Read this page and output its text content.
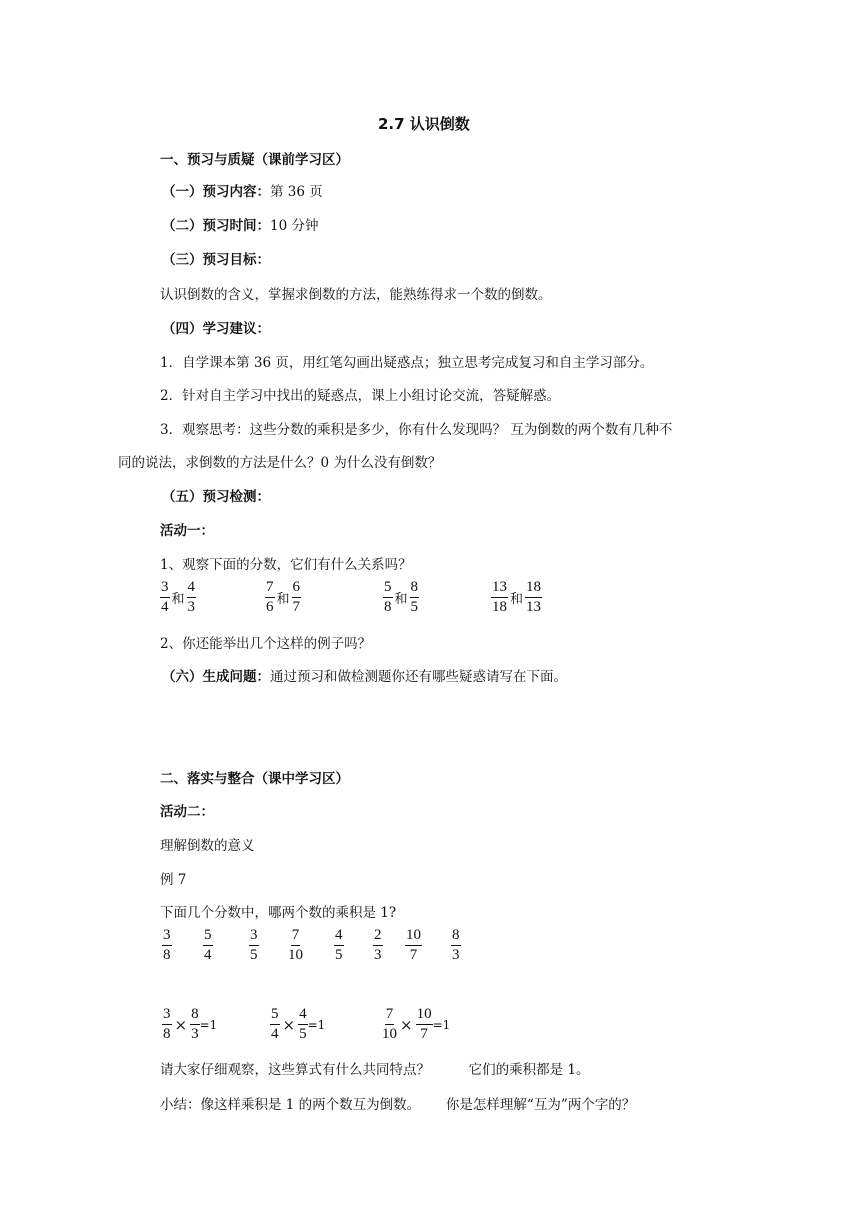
2.7 认识倒数
一、预习与质疑（课前学习区）
（一）预习内容：第 36 页
（二）预习时间：10 分钟
（三）预习目标：
认识倒数的含义，掌握求倒数的方法，能熟练得求一个数的倒数。
（四）学习建议：
1．自学课本第 36 页，用红笔勾画出疑惑点；独立思考完成复习和自主学习部分。
2．针对自主学习中找出的疑惑点，课上小组讨论交流，答疑解惑。
3．观察思考：这些分数的乘积是多少，你有什么发现吗？ 互为倒数的两个数有几种不
同的说法，求倒数的方法是什么？0 为什么没有倒数？
（五）预习检测：
活动一：
1、观察下面的分数，它们有什么关系吗？
$\frac{3}{4}$ 和 $\frac{4}{3}$	$\frac{7}{6}$ 和 $\frac{6}{7}$	$\frac{5}{8}$ 和 $\frac{8}{5}$	$\frac{13}{18}$ 和 $\frac{18}{13}$
2、你还能举出几个这样的例子吗？
（六）生成问题：通过预习和做检测题你还有哪些疑惑请写在下面。
二、落实与整合（课中学习区）
活动二：
理解倒数的意义
例 7
下面几个分数中，哪两个数的乘积是 1?
$\frac{3}{8} \frac{5}{4} \frac{3}{5} \frac{7}{10} \frac{4}{5} \frac{2}{3} \frac{10}{7} \frac{8}{3}$
$\frac{3}{8} \times \frac{8}{3} =1$	$\frac{5}{4} \times \frac{4}{5} =1$	$\frac{7}{10} \times \frac{10}{7} =1$
请大家仔细观察，这些算式有什么共同特点？         它们的乘积都是 1。
小结：像这样乘积是 1 的两个数互为倒数。      你是怎样理解“互为”两个字的？
